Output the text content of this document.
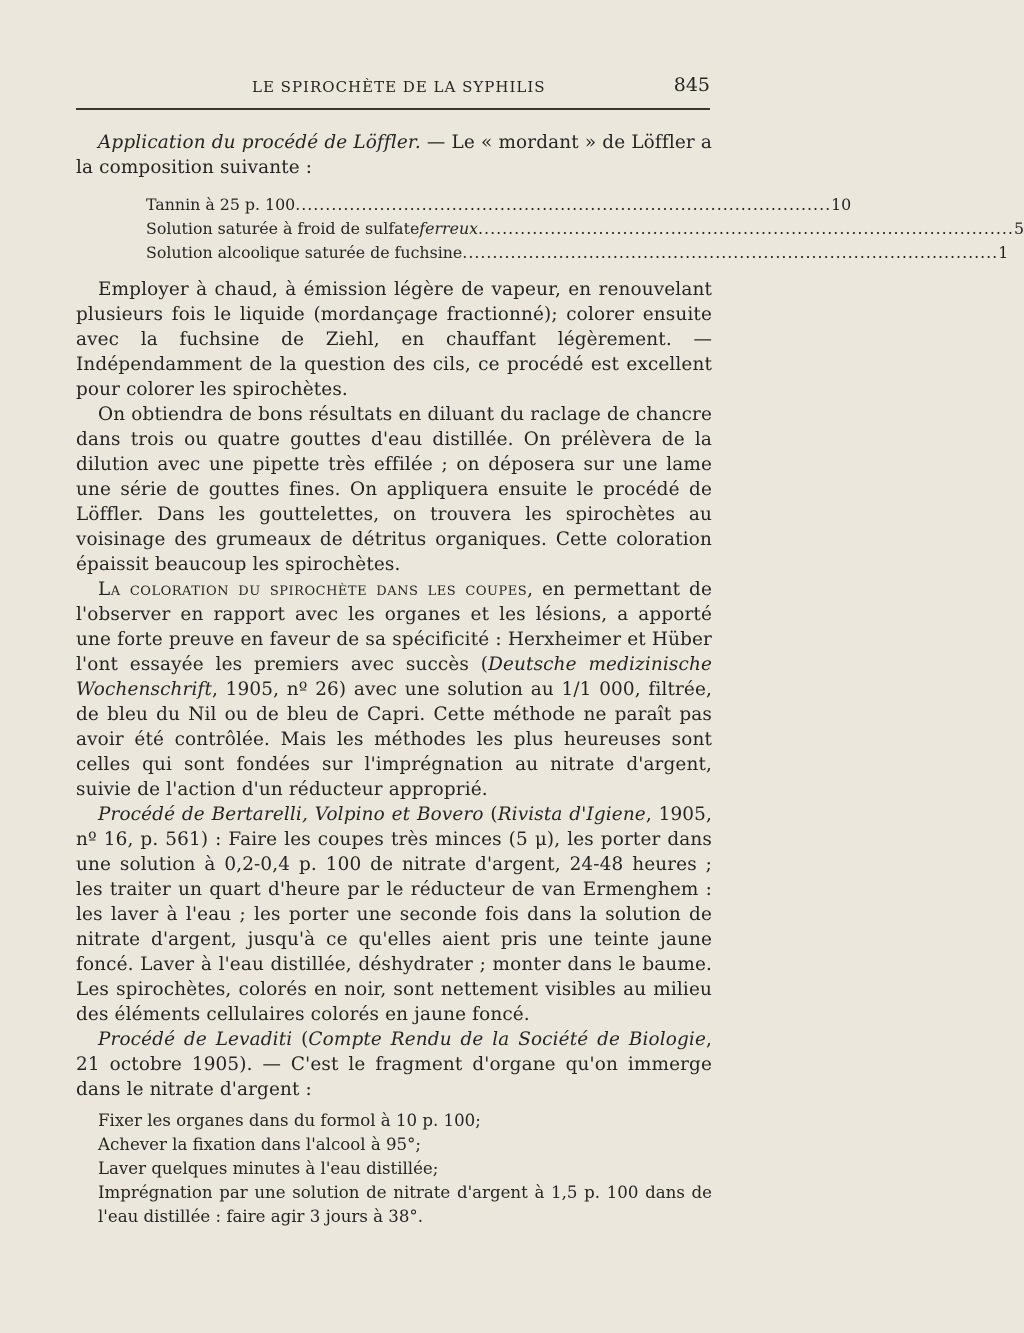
LE SPIROCHÈTE DE LA SYPHILIS	845

Application du procédé de Löffler. — Le « mordant » de Löffler a la composition suivante :

Tannin à 25 p. 100 ......................................................................................... 10
Solution saturée à froid de sulfate ferreux ......................................................................................... 5
Solution alcoolique saturée de fuchsine ......................................................................................... 1

Employer à chaud, à émission légère de vapeur, en renouvelant plusieurs fois le liquide (mordançage fractionné); colorer ensuite avec la fuchsine de Ziehl, en chauffant légèrement. — Indépendamment de la question des cils, ce procédé est excellent pour colorer les spirochètes.

On obtiendra de bons résultats en diluant du raclage de chancre dans trois ou quatre gouttes d'eau distillée. On prélèvera de la dilution avec une pipette très effilée ; on déposera sur une lame une série de gouttes fines. On appliquera ensuite le procédé de Löffler. Dans les gouttelettes, on trouvera les spirochètes au voisinage des grumeaux de détritus organiques. Cette coloration épaissit beaucoup les spirochètes.

La coloration du spirochète dans les coupes, en permettant de l'observer en rapport avec les organes et les lésions, a apporté une forte preuve en faveur de sa spécificité : Herxheimer et Hüber l'ont essayée les premiers avec succès (Deutsche medizinische Wochenschrift, 1905, nº 26) avec une solution au 1/1 000, filtrée, de bleu du Nil ou de bleu de Capri. Cette méthode ne paraît pas avoir été contrôlée. Mais les méthodes les plus heureuses sont celles qui sont fondées sur l'imprégnation au nitrate d'argent, suivie de l'action d'un réducteur approprié.

Procédé de Bertarelli, Volpino et Bovero (Rivista d'Igiene, 1905, nº 16, p. 561) : Faire les coupes très minces (5 μ), les porter dans une solution à 0,2-0,4 p. 100 de nitrate d'argent, 24-48 heures ; les traiter un quart d'heure par le réducteur de van Ermenghem : les laver à l'eau ; les porter une seconde fois dans la solution de nitrate d'argent, jusqu'à ce qu'elles aient pris une teinte jaune foncé. Laver à l'eau distillée, déshydrater ; monter dans le baume. Les spirochètes, colorés en noir, sont nettement visibles au milieu des éléments cellulaires colorés en jaune foncé.

Procédé de Levaditi (Compte Rendu de la Société de Biologie, 21 octobre 1905). — C'est le fragment d'organe qu'on immerge dans le nitrate d'argent :

Fixer les organes dans du formol à 10 p. 100;
Achever la fixation dans l'alcool à 95°;
Laver quelques minutes à l'eau distillée;
Imprégnation par une solution de nitrate d'argent à 1,5 p. 100 dans de l'eau distillée : faire agir 3 jours à 38°.
